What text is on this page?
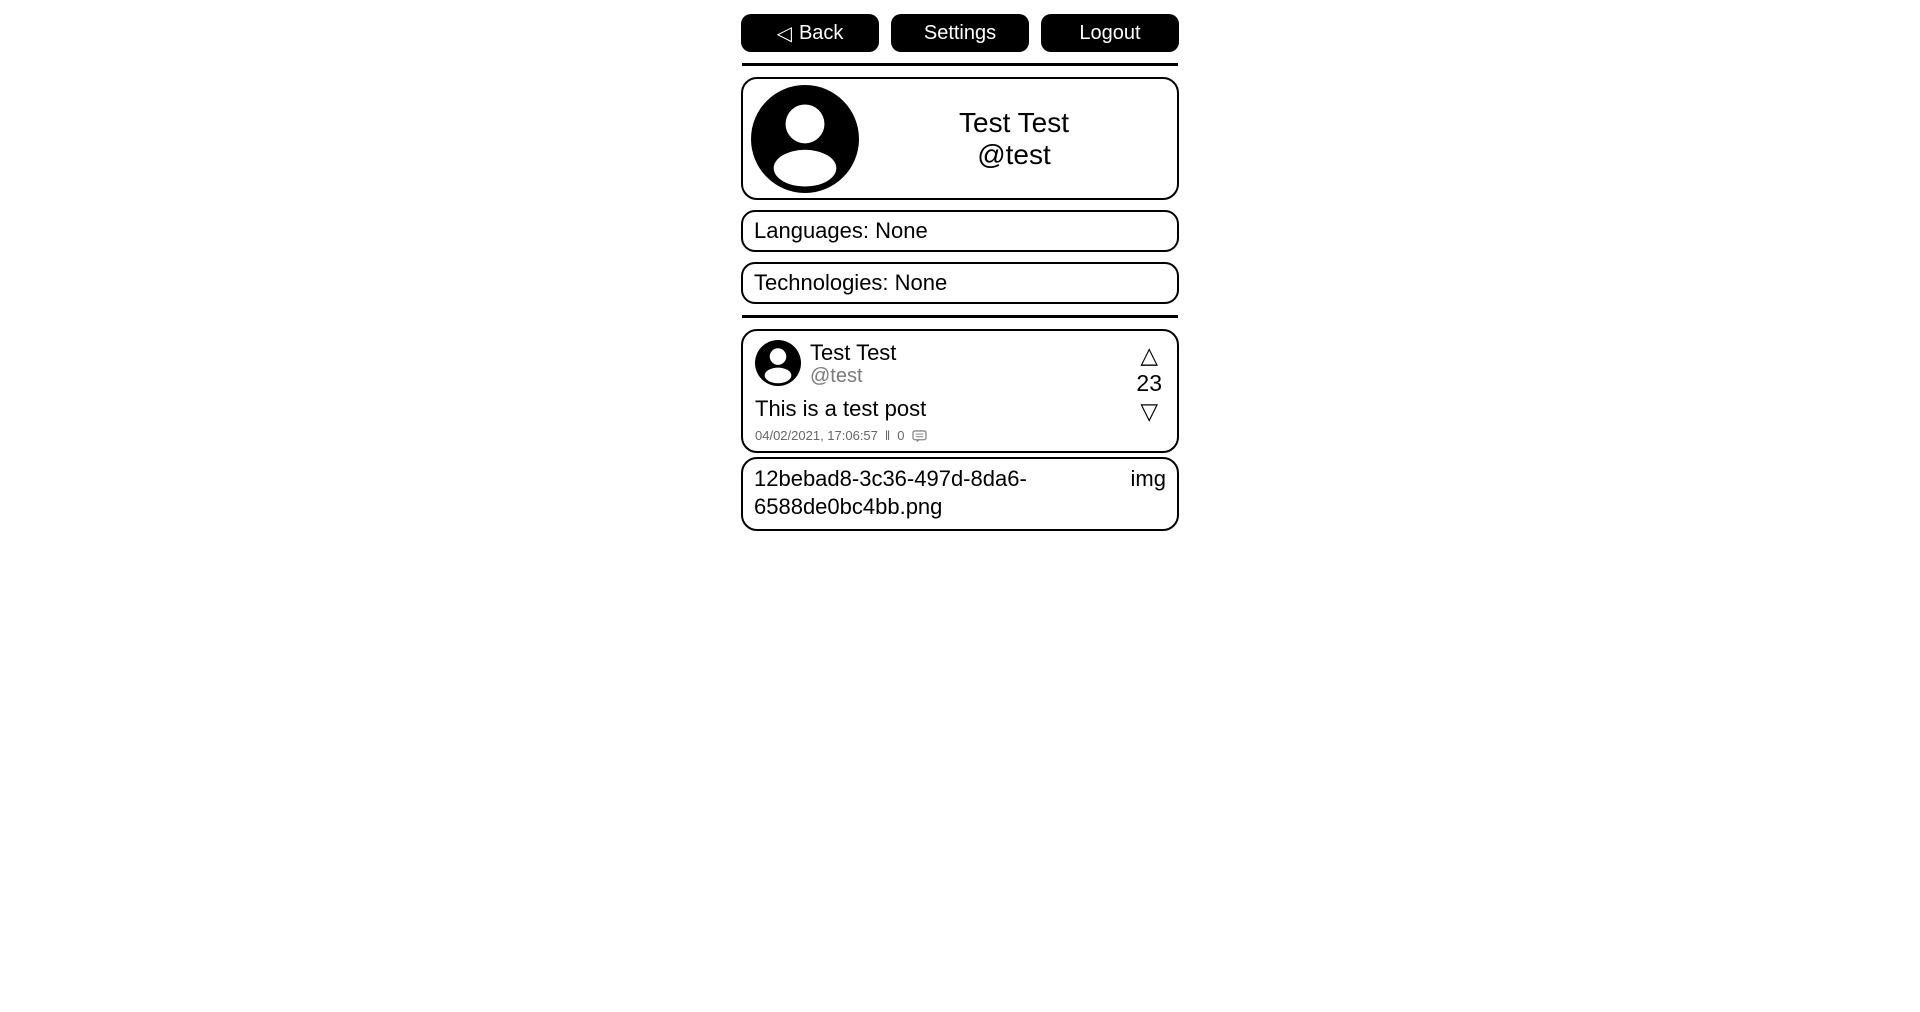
◁ Back	Settings	Logout
Test Test
@test
Languages: None
Technologies: None
Test Test
@test
This is a test post
04/02/2021, 17:06:57 ‖ 0
△
23
▽
12bebad8-3c36-497d-8da6-6588de0bc4bb.png
img
